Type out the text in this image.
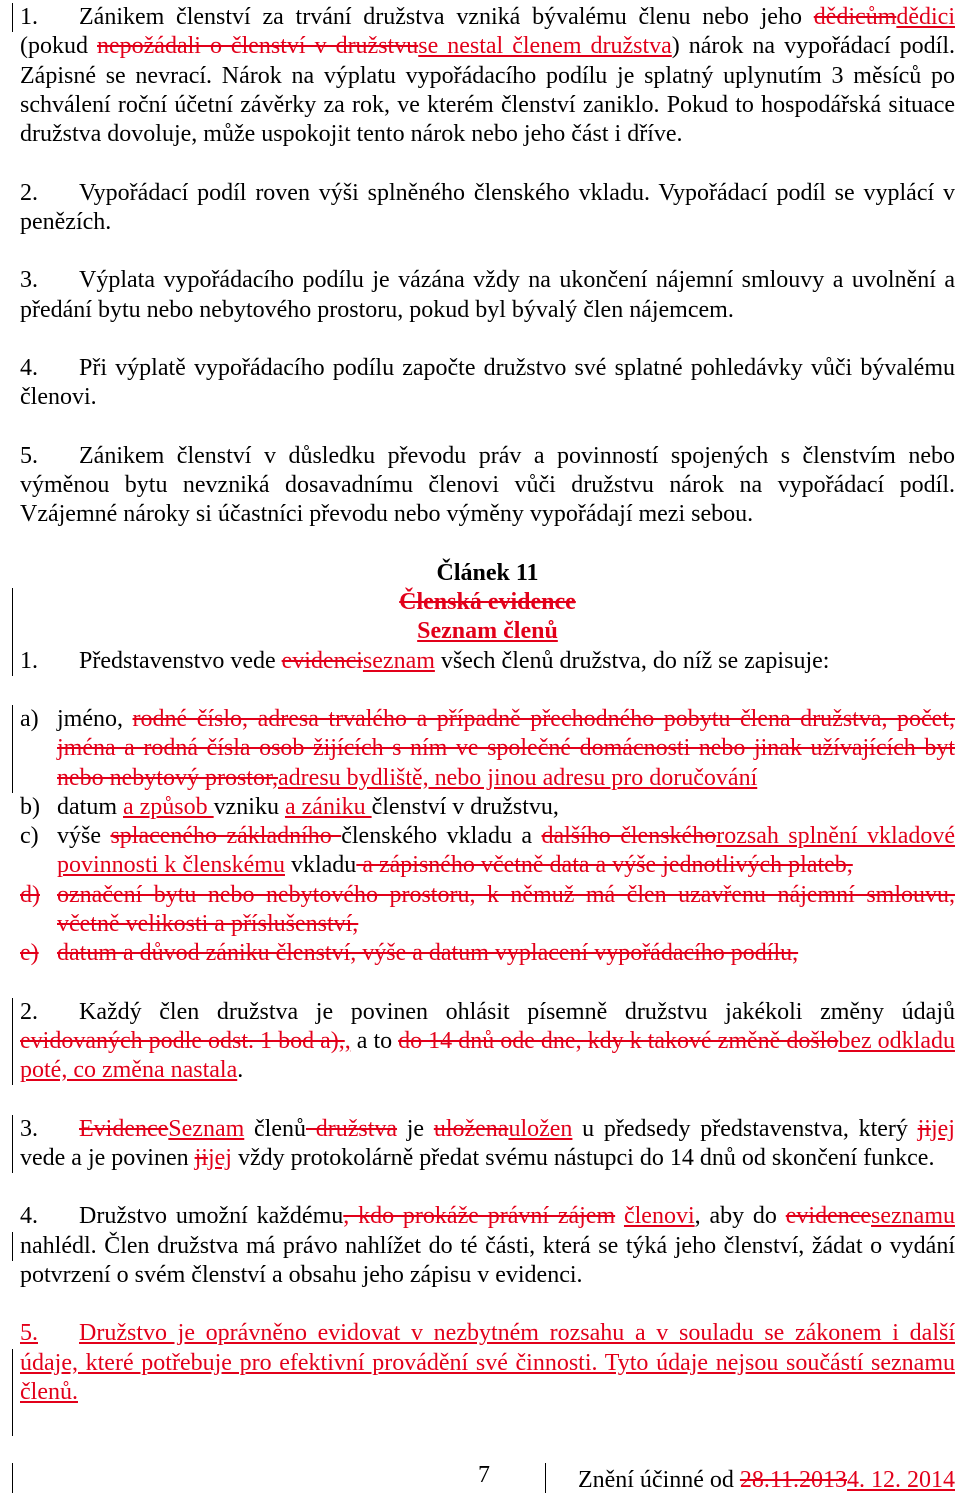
1. Zánikem členství za trvání družstva vzniká bývalému členu nebo jeho dědicůmdědici (pokud nepožádali o členství v družstvuse nestal členem družstva) nárok na vypořádací podíl. Zápisné se nevrací. Nárok na výplatu vypořádacího podílu je splatný uplynutím 3 měsíců po schválení roční účetní závěrky za rok, ve kterém členství zaniklo. Pokud to hospodářská situace družstva dovoluje, může uspokojit tento nárok nebo jeho část i dříve.

2. Vypořádací podíl roven výši splněného členského vkladu. Vypořádací podíl se vyplácí v penězích.

3. Výplata vypořádacího podílu je vázána vždy na ukončení nájemní smlouvy a uvolnění a předání bytu nebo nebytového prostoru, pokud byl bývalý člen nájemcem.

4. Při výplatě vypořádacího podílu započte družstvo své splatné pohledávky vůči bývalému členovi.

5. Zánikem členství v důsledku převodu práv a povinností spojených s členstvím nebo výměnou bytu nevzniká dosavadnímu členovi vůči družstvu nárok na vypořádací podíl. Vzájemné nároky si účastníci převodu nebo výměny vypořádají mezi sebou.

Článek 11
Členská evidence
Seznam členů

1. Představenstvo vede evidenciseznam všech členů družstva, do níž se zapisuje:

a) jméno, rodné číslo, adresa trvalého a případně přechodného pobytu člena družstva, počet, jména a rodná čísla osob žijících s ním ve společné domácnosti nebo jinak užívajících byt nebo nebytový prostor,adresu bydliště, nebo jinou adresu pro doručování
b) datum a způsob vzniku a zániku členství v družstvu,
c) výše splaceného základního členského vkladu a dalšího členskéhorozsah splnění vkladové povinnosti k členskému vkladu a zápisného včetně data a výše jednotlivých plateb,
d) označení bytu nebo nebytového prostoru, k němuž má člen uzavřenu nájemní smlouvu, včetně velikosti a příslušenství,
e) datum a důvod zániku členství, výše a datum vyplacení vypořádacího podílu,

2. Každý člen družstva je povinen ohlásit písemně družstvu jakékoli změny údajů evidovaných podle odst. 1 bod a),, a to do 14 dnů ode dne, kdy k takové změně došlobez odkladu poté, co změna nastala.

3. EvidenceSeznam členů družstva je uloženauložen u předsedy představenstva, který jijej vede a je povinen jijej vždy protokolárně předat svému nástupci do 14 dnů od skončení funkce.

4. Družstvo umožní každému, kdo prokáže právní zájem členovi, aby do evidenceseznamu nahlédl. Člen družstva má právo nahlížet do té části, která se týká jeho členství, žádat o vydání potvrzení o svém členství a obsahu jeho zápisu v evidenci.

5. Družstvo je oprávněno evidovat v nezbytném rozsahu a v souladu se zákonem i další údaje, které potřebuje pro efektivní provádění své činnosti. Tyto údaje nejsou součástí seznamu členů.

7	Znění účinné od 28.11.20134. 12. 2014
